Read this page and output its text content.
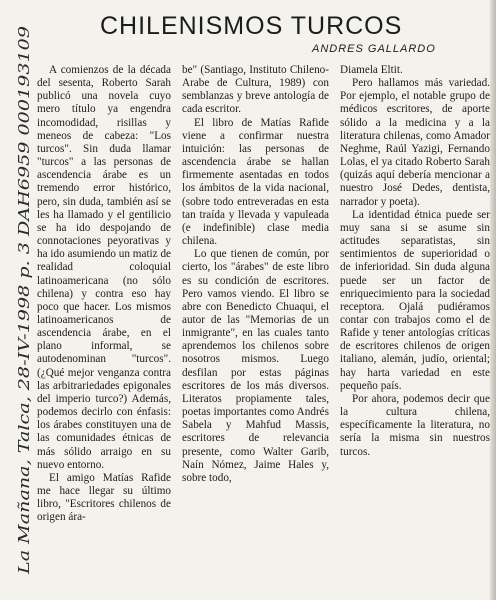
La Mañana, Talca, 28-IV-1998 p. 3 DAH6959 000193109
CHILENISMOS TURCOS
ANDRES GALLARDO

A comienzos de la década del sesenta, Roberto Sarah publicó una novela cuyo mero título ya engendra incomodidad, risillas y meneos de cabeza: "Los turcos". Sin duda llamar "turcos" a las personas de ascendencia árabe es un tremendo error histórico, pero, sin duda, también así se les ha llamado y el gentilicio se ha ido despojando de connotaciones peyorativas y ha ido asumiendo un matiz de realidad coloquial latinoamericana (no sólo chilena) y contra eso hay poco que hacer. Los mismos latinoamericanos de ascendencia árabe, en el plano informal, se autodenominan "turcos". (¿Qué mejor venganza contra las arbitrariedades epigonales del imperio turco?) Además, podemos decirlo con énfasis: los árabes constituyen una de las comunidades étnicas de más sólido arraigo en su nuevo entorno.

El amigo Matías Rafide me hace llegar su último libro, "Escritores chilenos de origen ára-

be" (Santiago, Instituto Chileno-Arabe de Cultura, 1989) con semblanzas y breve antología de cada escritor.

El libro de Matías Rafide viene a confirmar nuestra intuición: las personas de ascendencia árabe se hallan firmemente asentadas en todos los ámbitos de la vida nacional, (sobre todo entreveradas en esta tan traída y llevada y vapuleada (e indefinible) clase media chilena.

Lo que tienen de común, por cierto, los "árabes" de este libro es su condición de escritores. Pero vamos viendo. El libro se abre con Benedicto Chuaqui, el autor de las "Memorias de un inmigrante", en las cuales tanto aprendemos los chilenos sobre nosotros mismos. Luego desfilan por estas páginas escritores de los más diversos. Literatos propiamente tales, poetas importantes como Andrés Sabela y Mahfud Massis, escritores de relevancia presente, como Walter Garib, Naín Nómez, Jaime Hales y, sobre todo,

Diamela Eltit.

Pero hallamos más variedad. Por ejemplo, el notable grupo de médicos escritores, de aporte sólido a la medicina y a la literatura chilenas, como Amador Neghme, Raúl Yazigi, Fernando Lolas, el ya citado Roberto Sarah (quizás aquí debería mencionar a nuestro José Dedes, dentista, narrador y poeta).

La identidad étnica puede ser muy sana si se asume sin actitudes separatistas, sin sentimientos de superioridad o de inferioridad. Sin duda alguna puede ser un factor de enriquecimiento para la sociedad receptora. Ojalá pudiéramos contar con trabajos como el de Rafide y tener antologías críticas de escritores chilenos de origen italiano, alemán, judío, oriental; hay harta variedad en este pequeño país.

Por ahora, podemos decir que la cultura chilena, específicamente la literatura, no sería la misma sin nuestros turcos.
